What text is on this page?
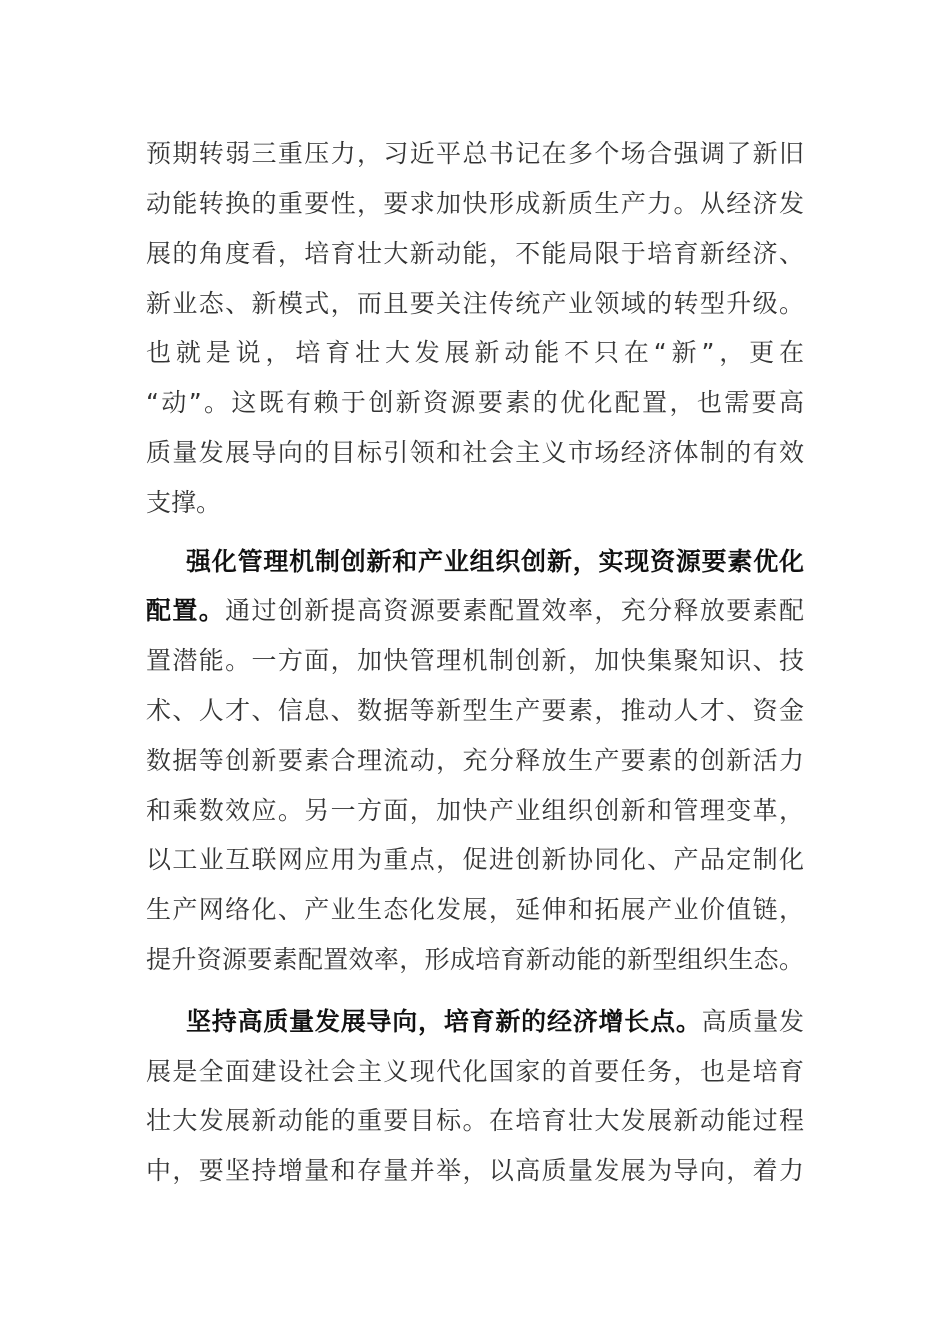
预期转弱三重压力，习近平总书记在多个场合强调了新旧
动能转换的重要性，要求加快形成新质生产力。从经济发
展的角度看，培育壮大新动能，不能局限于培育新经济、
新业态、新模式，而且要关注传统产业领域的转型升级。
也就是说，培育壮大发展新动能不只在“新”，更在
“动”。这既有赖于创新资源要素的优化配置，也需要高
质量发展导向的目标引领和社会主义市场经济体制的有效
支撑。
强化管理机制创新和产业组织创新，实现资源要素优化
配置。通过创新提高资源要素配置效率，充分释放要素配
置潜能。一方面，加快管理机制创新，加快集聚知识、技
术、人才、信息、数据等新型生产要素，推动人才、资金
数据等创新要素合理流动，充分释放生产要素的创新活力
和乘数效应。另一方面，加快产业组织创新和管理变革，
以工业互联网应用为重点，促进创新协同化、产品定制化
生产网络化、产业生态化发展，延伸和拓展产业价值链，
提升资源要素配置效率，形成培育新动能的新型组织生态。
坚持高质量发展导向，培育新的经济增长点。高质量发
展是全面建设社会主义现代化国家的首要任务，也是培育
壮大发展新动能的重要目标。在培育壮大发展新动能过程
中，要坚持增量和存量并举，以高质量发展为导向，着力
